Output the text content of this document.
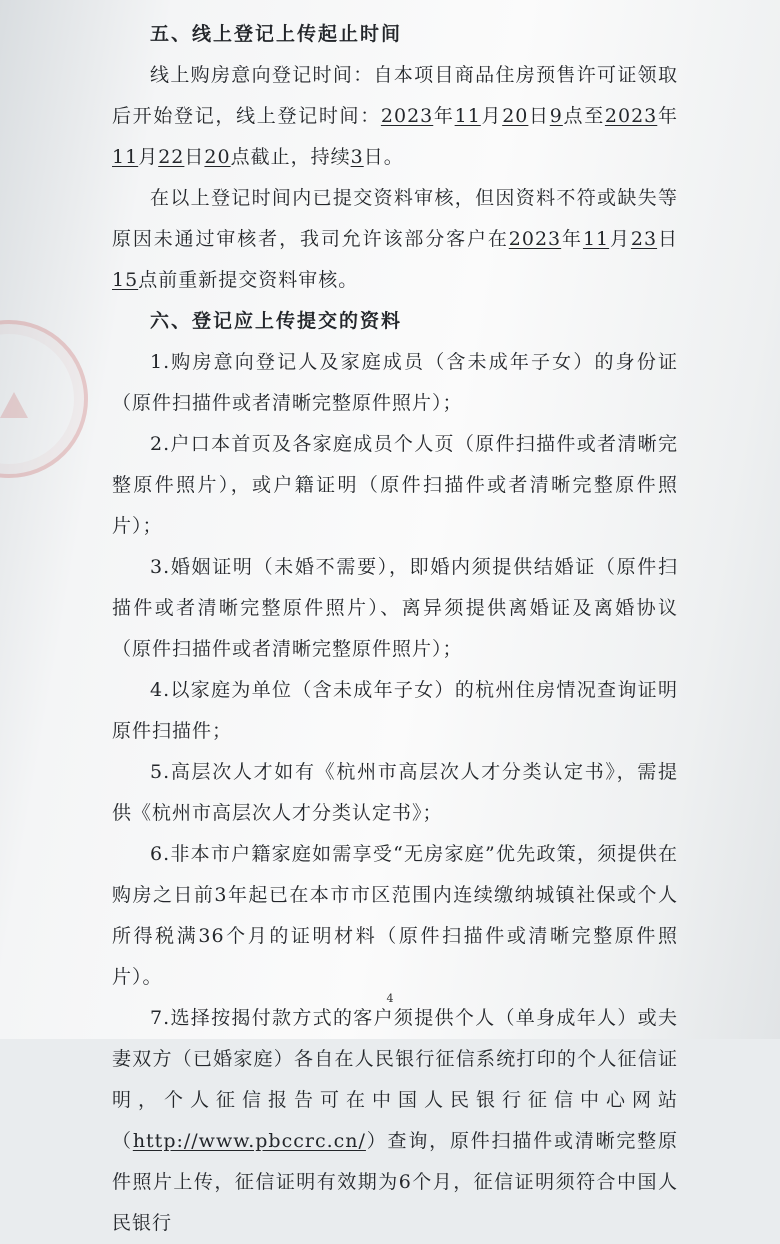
五、线上登记上传起止时间

线上购房意向登记时间：自本项目商品住房预售许可证领取后开始登记，线上登记时间：2023年11月20日9点至2023年11月22日20点截止，持续3日。

在以上登记时间内已提交资料审核，但因资料不符或缺失等原因未通过审核者，我司允许该部分客户在2023年11月23日15点前重新提交资料审核。

六、登记应上传提交的资料

1.购房意向登记人及家庭成员（含未成年子女）的身份证（原件扫描件或者清晰完整原件照片）；

2.户口本首页及各家庭成员个人页（原件扫描件或者清晰完整原件照片），或户籍证明（原件扫描件或者清晰完整原件照片）；

3.婚姻证明（未婚不需要），即婚内须提供结婚证（原件扫描件或者清晰完整原件照片）、离异须提供离婚证及离婚协议（原件扫描件或者清晰完整原件照片）；

4.以家庭为单位（含未成年子女）的杭州住房情况查询证明原件扫描件；

5.高层次人才如有《杭州市高层次人才分类认定书》，需提供《杭州市高层次人才分类认定书》；

6.非本市户籍家庭如需享受“无房家庭”优先政策，须提供在购房之日前3年起已在本市市区范围内连续缴纳城镇社保或个人所得税满36个月的证明材料（原件扫描件或清晰完整原件照片）。

7.选择按揭付款方式的客户须提供个人（单身成年人）或夫妻双方（已婚家庭）各自在人民银行征信系统打印的个人征信证明，个人征信报告可在中国人民银行征信中心网站（http://www.pbccrc.cn/）查询，原件扫描件或清晰完整原件照片上传，征信证明有效期为6个月，征信证明须符合中国人民银行

4
